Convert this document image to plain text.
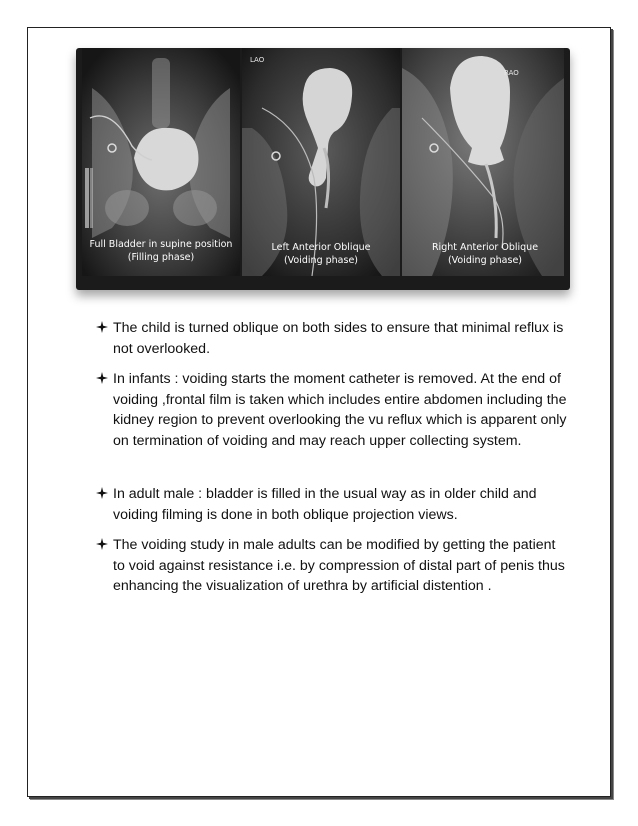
LAO
RAO
Full Bladder in supine position
(Filling phase)
Left Anterior Oblique
(Voiding phase)
Right Anterior Oblique
(Voiding phase)
The child is turned oblique on both sides to ensure that minimal reflux is not overlooked.
In infants : voiding starts the moment catheter is removed. At the end of voiding ,frontal film is taken which includes entire abdomen including the kidney region to prevent overlooking the vu reflux which is apparent only on termination of voiding and may reach upper collecting system.
In adult male : bladder is filled in the usual way as in older child and voiding filming is done in both oblique projection views.
The voiding study in male adults can be modified by getting the patient to void against resistance i.e. by compression of distal part of penis thus enhancing the visualization of urethra by artificial distention .
